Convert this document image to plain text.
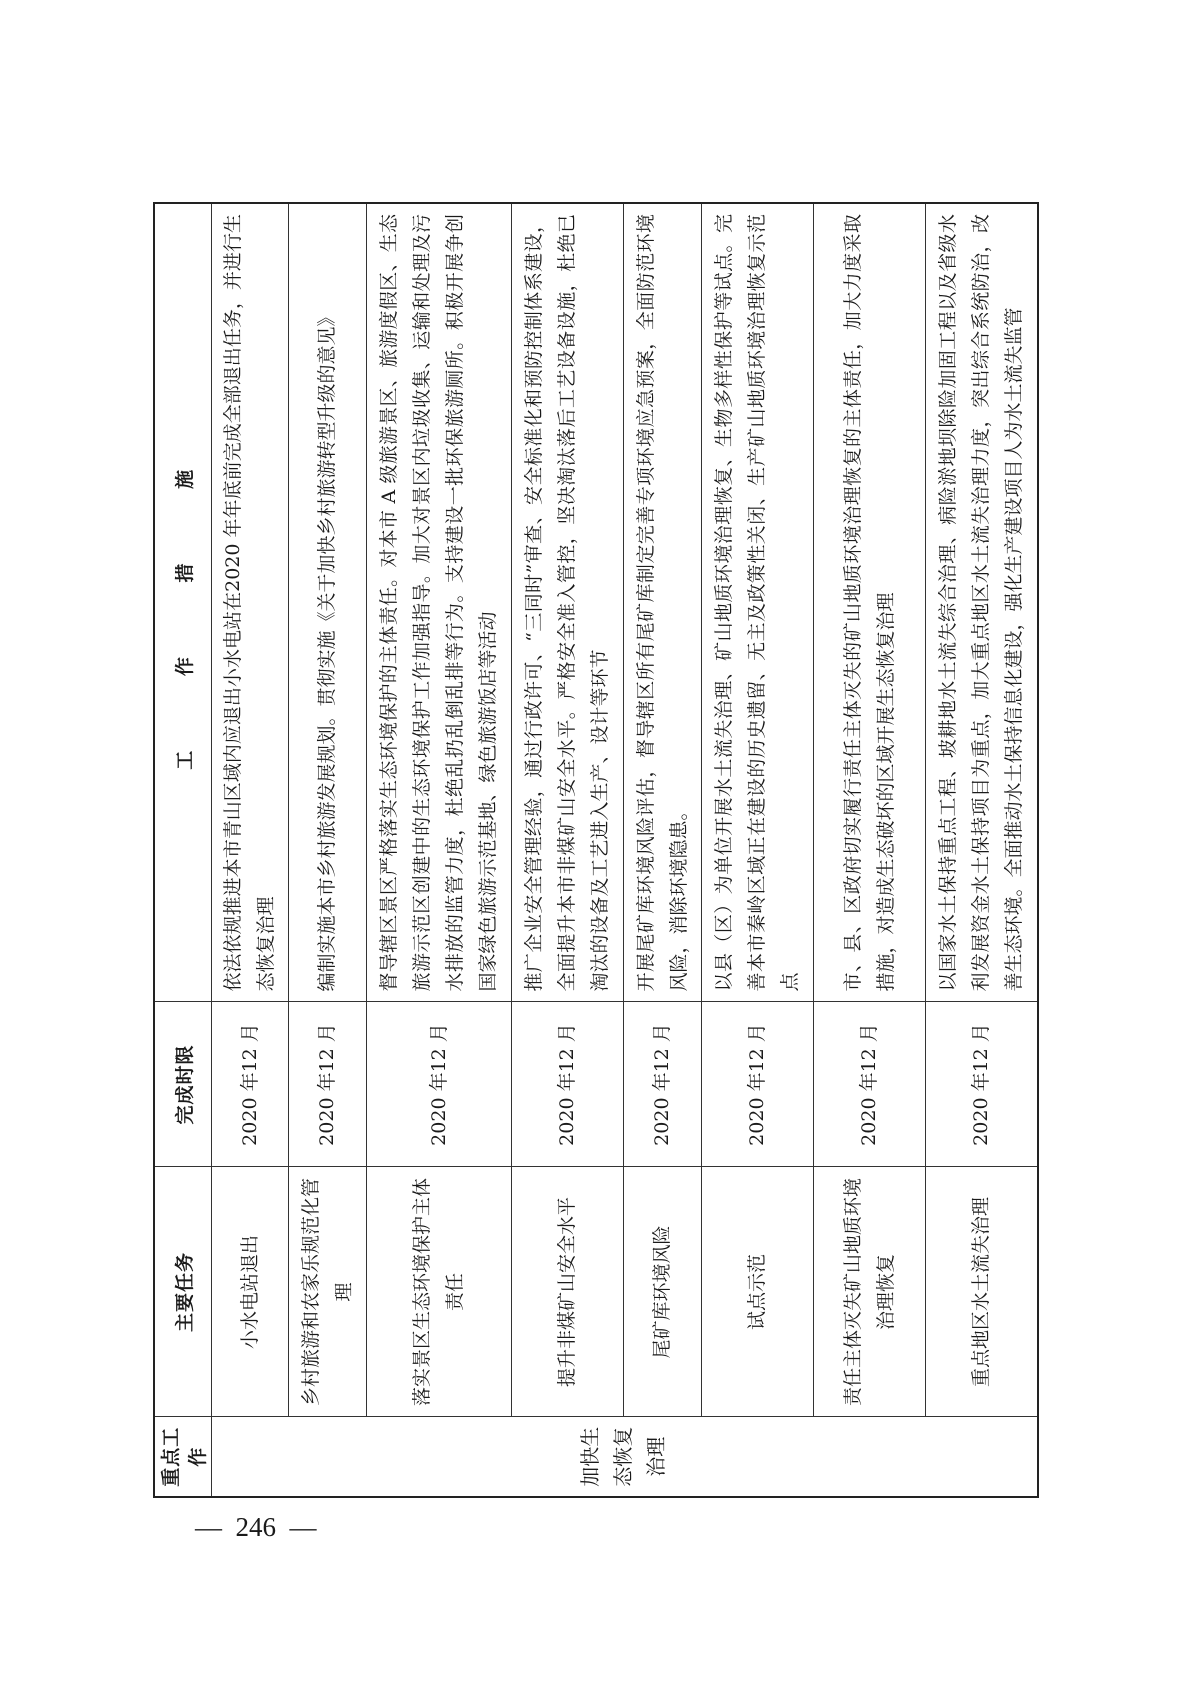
重点工作	主要任务	完成时限	工 作 措 施
加快生态恢复治理	小水电站退出	2020 年12 月	依法依规推进本市青山区域内应退出小水电站在2020 年年底前完成全部退出任务，并进行生态恢复治理
	乡村旅游和农家乐规范化管理	2020 年12 月	编制实施本市乡村旅游发展规划。贯彻实施《关于加快乡村旅游转型升级的意见》
	落实景区生态环境保护主体责任	2020 年12 月	督导辖区景区严格落实生态环境保护的主体责任。对本市 A 级旅游景区、旅游度假区、生态旅游示范区创建中的生态环境保护工作加强指导。加大对景区内垃圾收集、运输和处理及污水排放的监管力度，杜绝乱扔乱倒乱排等行为。支持建设一批环保旅游厕所。积极开展争创国家绿色旅游示范基地、绿色旅游饭店等活动
	提升非煤矿山安全水平	2020 年12 月	推广企业安全管理经验，通过行政许可、“三同时”审查、安全标准化和预防控制体系建设，全面提升本市非煤矿山安全水平。严格安全准入管控，坚决淘汰落后工艺设备设施，杜绝已淘汰的设备及工艺进入生产、设计等环节
	尾矿库环境风险	2020 年12 月	开展尾矿库环境风险评估，督导辖区所有尾矿库制定完善专项环境应急预案，全面防范环境风险，消除环境隐患。
	试点示范	2020 年12 月	以县（区）为单位开展水土流失治理、矿山地质环境治理恢复、生物多样性保护等试点。完善本市秦岭区域正在建设的历史遗留、无主及政策性关闭、生产矿山地质环境治理恢复示范点
	责任主体灭失矿山地质环境治理恢复	2020 年12 月	市、县、区政府切实履行责任主体灭失的矿山地质环境治理恢复的主体责任，加大力度采取措施，对造成生态破坏的区域开展生态恢复治理
	重点地区水土流失治理	2020 年12 月	以国家水土保持重点工程、坡耕地水土流失综合治理、病险淤地坝除险加固工程以及省级水利发展资金水土保持项目为重点，加大重点地区水土流失治理力度，突出综合系统防治，改善生态环境。全面推动水土保持信息化建设，强化生产建设项目人为水土流失监管
—  246  —
